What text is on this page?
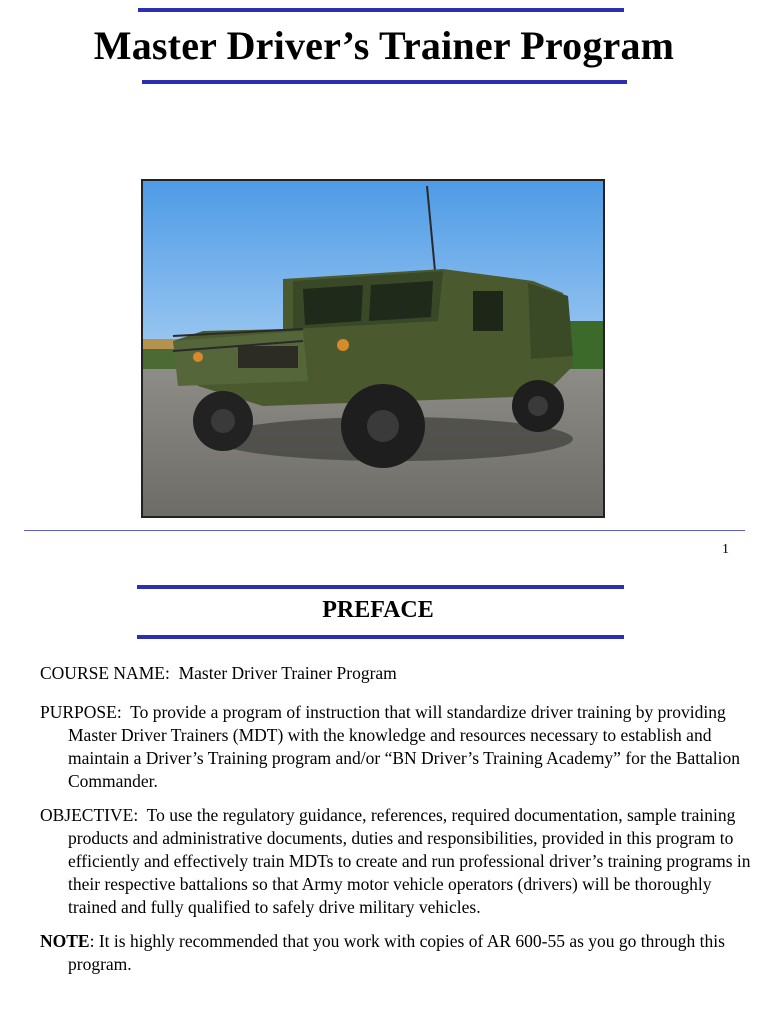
Master Driver’s Trainer Program
1
PREFACE

COURSE NAME: Master Driver Trainer Program

PURPOSE: To provide a program of instruction that will standardize driver training by providing Master Driver Trainers (MDT) with the knowledge and resources necessary to establish and maintain a Driver’s Training program and/or “BN Driver’s Training Academy” for the Battalion Commander.

OBJECTIVE: To use the regulatory guidance, references, required documentation, sample training products and administrative documents, duties and responsibilities, provided in this program to efficiently and effectively train MDTs to create and run professional driver’s training programs in their respective battalions so that Army motor vehicle operators (drivers) will be thoroughly trained and fully qualified to safely drive military vehicles.

NOTE: It is highly recommended that you work with copies of AR 600-55 as you go through this program.
